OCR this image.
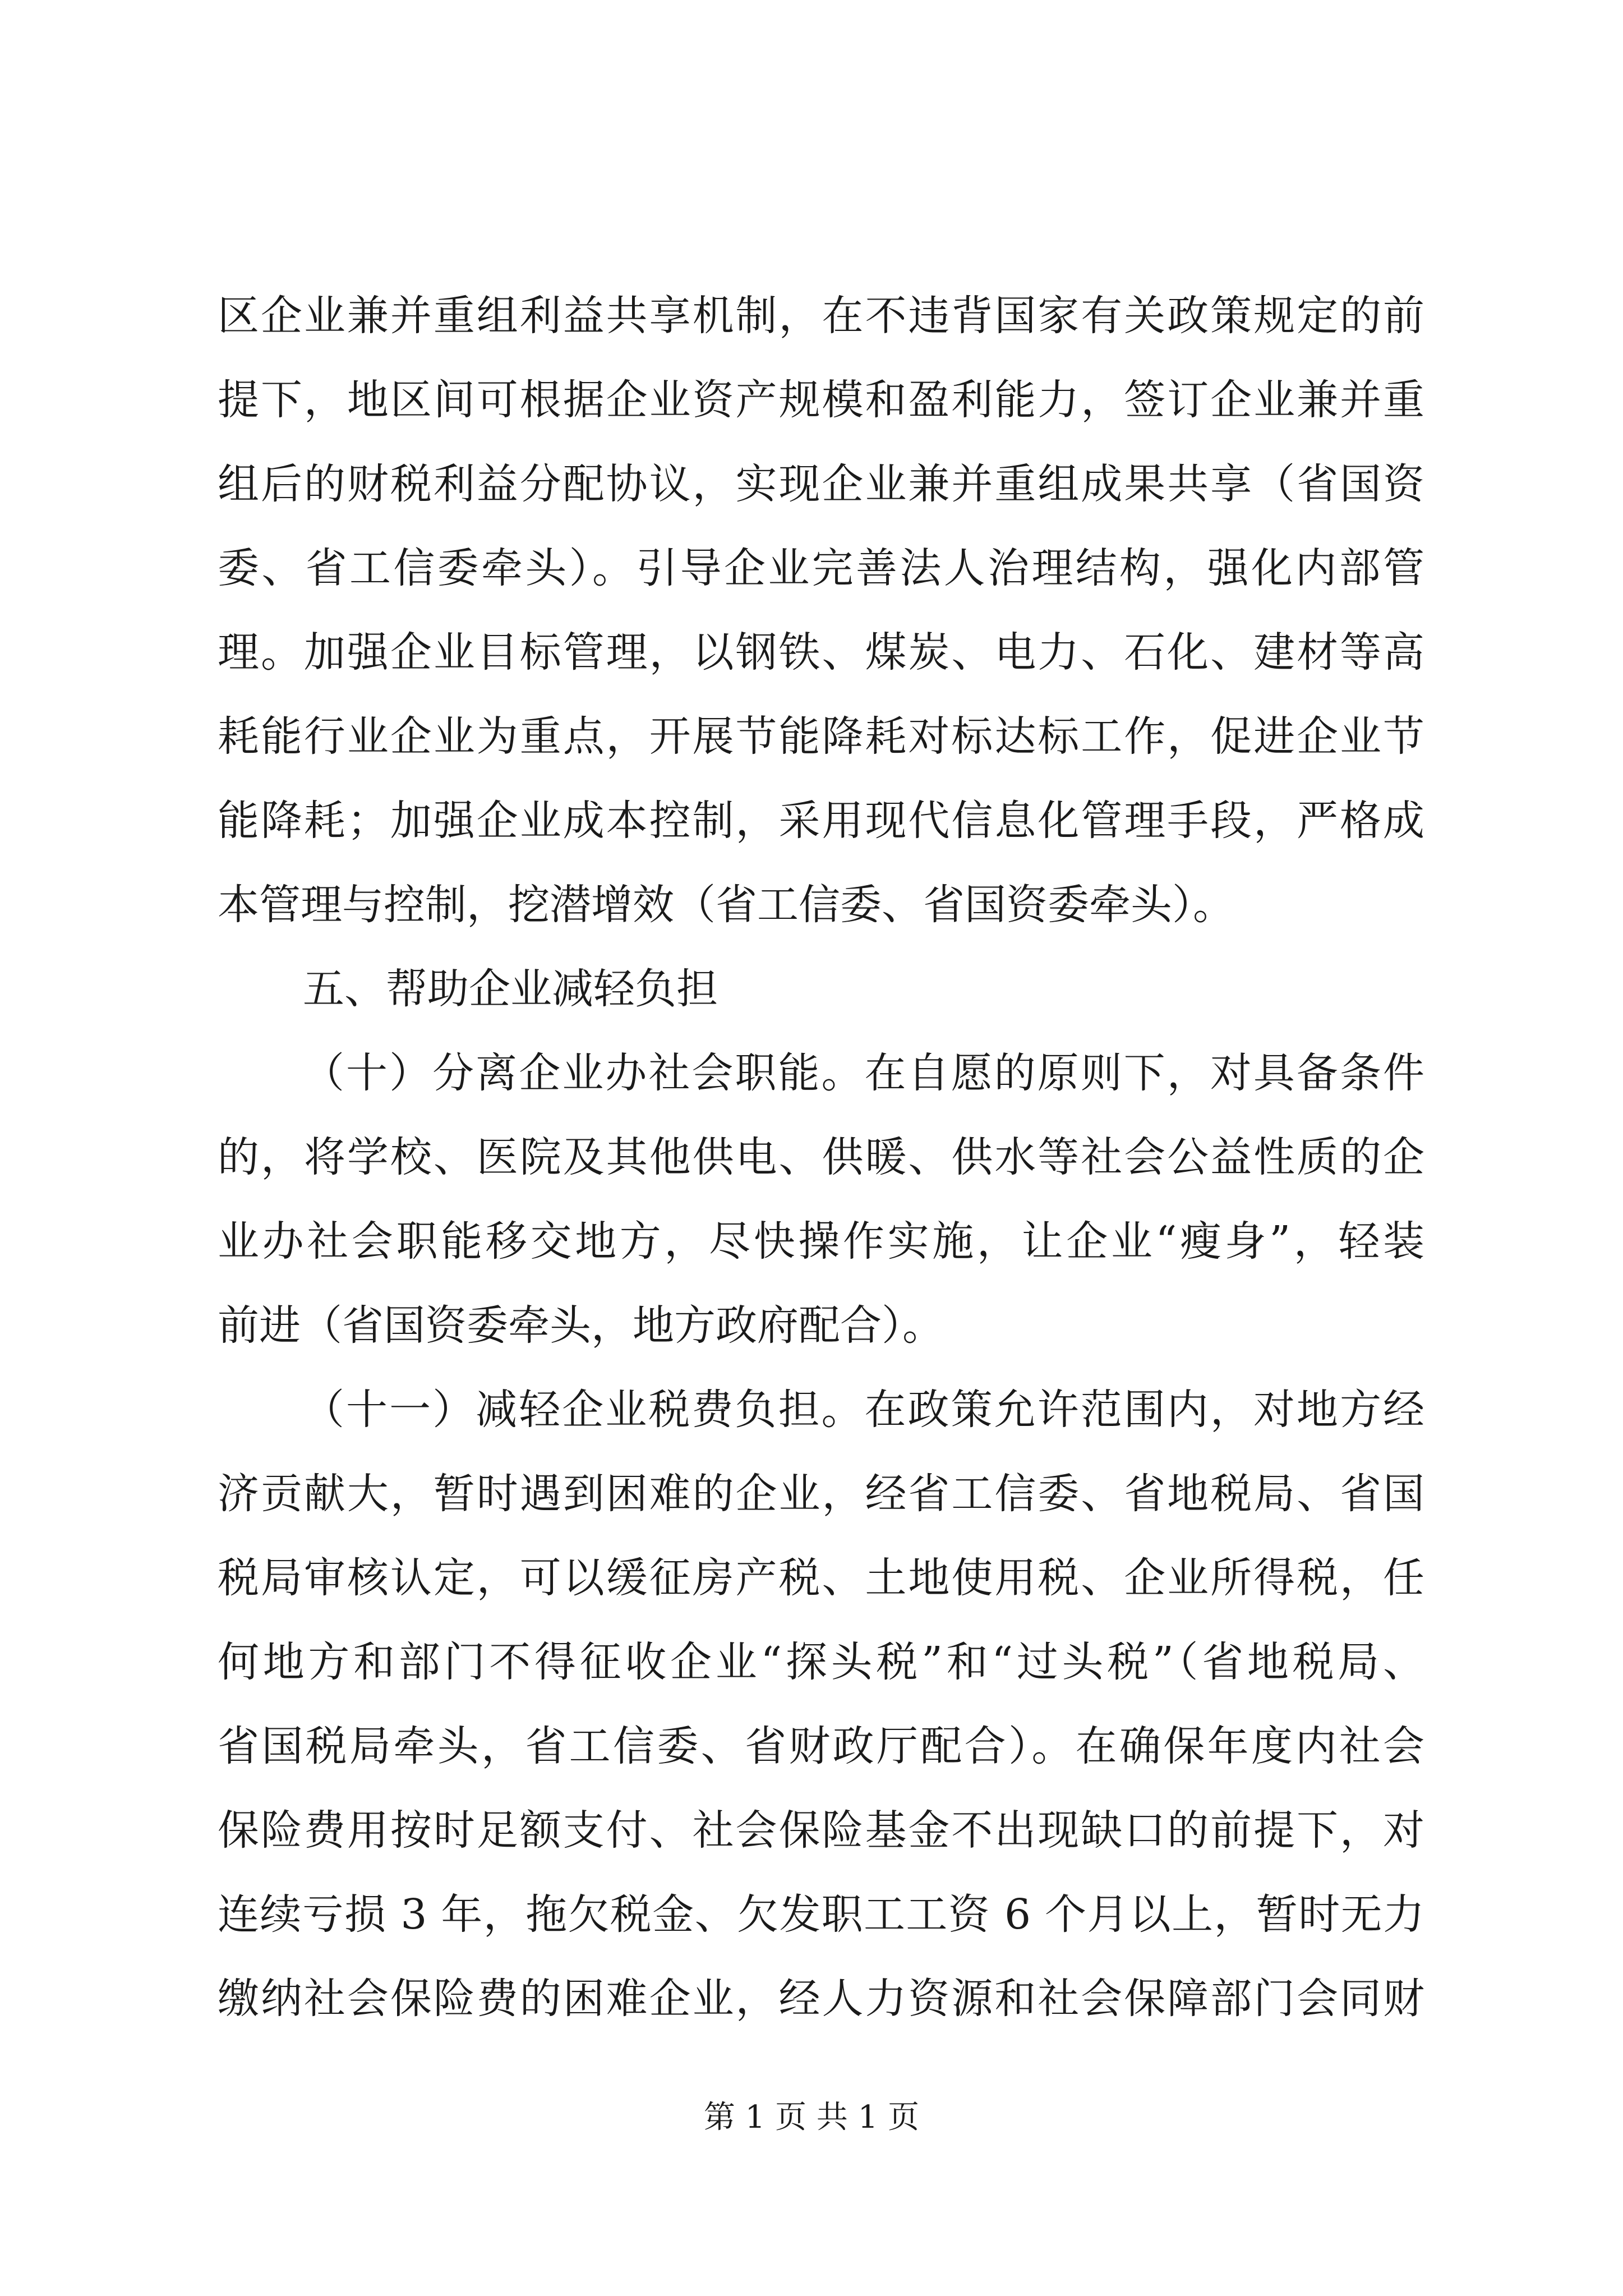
区企业兼并重组利益共享机制，在不违背国家有关政策规定的前
提下，地区间可根据企业资产规模和盈利能力，签订企业兼并重
组后的财税利益分配协议，实现企业兼并重组成果共享（省国资
委、省工信委牵头）。引导企业完善法人治理结构，强化内部管
理。加强企业目标管理，以钢铁、煤炭、电力、石化、建材等高
耗能行业企业为重点，开展节能降耗对标达标工作，促进企业节
能降耗；加强企业成本控制，采用现代信息化管理手段，严格成
本管理与控制，挖潜增效（省工信委、省国资委牵头）。
五、帮助企业减轻负担
（十）分离企业办社会职能。在自愿的原则下，对具备条件
的，将学校、医院及其他供电、供暖、供水等社会公益性质的企
业办社会职能移交地方，尽快操作实施，让企业“瘦身”，轻装
前进（省国资委牵头，地方政府配合）。
（十一）减轻企业税费负担。在政策允许范围内，对地方经
济贡献大，暂时遇到困难的企业，经省工信委、省地税局、省国
税局审核认定，可以缓征房产税、土地使用税、企业所得税，任
何地方和部门不得征收企业“探头税”和“过头税”（省地税局、
省国税局牵头，省工信委、省财政厅配合）。在确保年度内社会
保险费用按时足额支付、社会保险基金不出现缺口的前提下，对
连续亏损 3 年，拖欠税金、欠发职工工资 6 个月以上，暂时无力
缴纳社会保险费的困难企业，经人力资源和社会保障部门会同财
第 1 页 共 1 页
